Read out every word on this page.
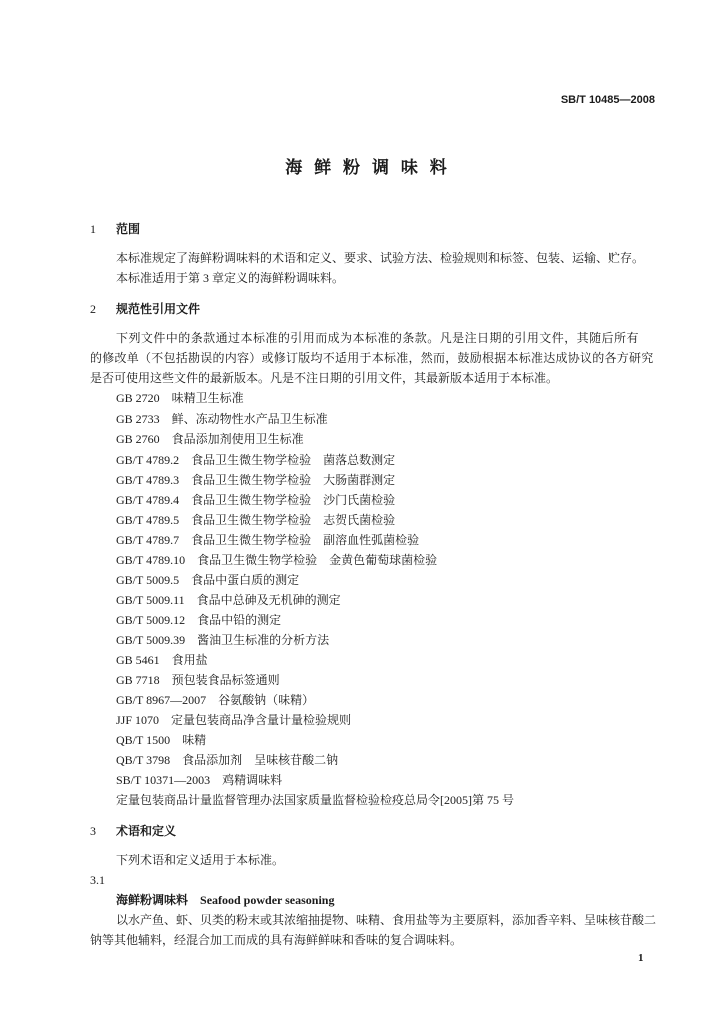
SB/T 10485—2008
海 鲜 粉 调 味 料
1 范围
本标准规定了海鲜粉调味料的术语和定义、要求、试验方法、检验规则和标签、包装、运输、贮存。
本标准适用于第 3 章定义的海鲜粉调味料。
2 规范性引用文件
下列文件中的条款通过本标准的引用而成为本标准的条款。凡是注日期的引用文件，其随后所有
的修改单（不包括勘误的内容）或修订版均不适用于本标准，然而，鼓励根据本标准达成协议的各方研究
是否可使用这些文件的最新版本。凡是不注日期的引用文件，其最新版本适用于本标准。
GB 2720 味精卫生标准
GB 2733 鲜、冻动物性水产品卫生标准
GB 2760 食品添加剂使用卫生标准
GB/T 4789.2 食品卫生微生物学检验　菌落总数测定
GB/T 4789.3 食品卫生微生物学检验　大肠菌群测定
GB/T 4789.4 食品卫生微生物学检验　沙门氏菌检验
GB/T 4789.5 食品卫生微生物学检验　志贺氏菌检验
GB/T 4789.7 食品卫生微生物学检验　副溶血性弧菌检验
GB/T 4789.10 食品卫生微生物学检验　金黄色葡萄球菌检验
GB/T 5009.5 食品中蛋白质的测定
GB/T 5009.11 食品中总砷及无机砷的测定
GB/T 5009.12 食品中铅的测定
GB/T 5009.39 酱油卫生标准的分析方法
GB 5461 食用盐
GB 7718 预包装食品标签通则
GB/T 8967—2007 谷氨酸钠（味精）
JJF 1070 定量包装商品净含量计量检验规则
QB/T 1500 味精
QB/T 3798 食品添加剂　呈味核苷酸二钠
SB/T 10371—2003 鸡精调味料
定量包装商品计量监督管理办法国家质量监督检验检疫总局令[2005]第 75 号
3 术语和定义
下列术语和定义适用于本标准。
3.1
海鲜粉调味料 Seafood powder seasoning
以水产鱼、虾、贝类的粉末或其浓缩抽提物、味精、食用盐等为主要原料，添加香辛料、呈味核苷酸二
钠等其他辅料，经混合加工而成的具有海鲜鲜味和香味的复合调味料。
1
